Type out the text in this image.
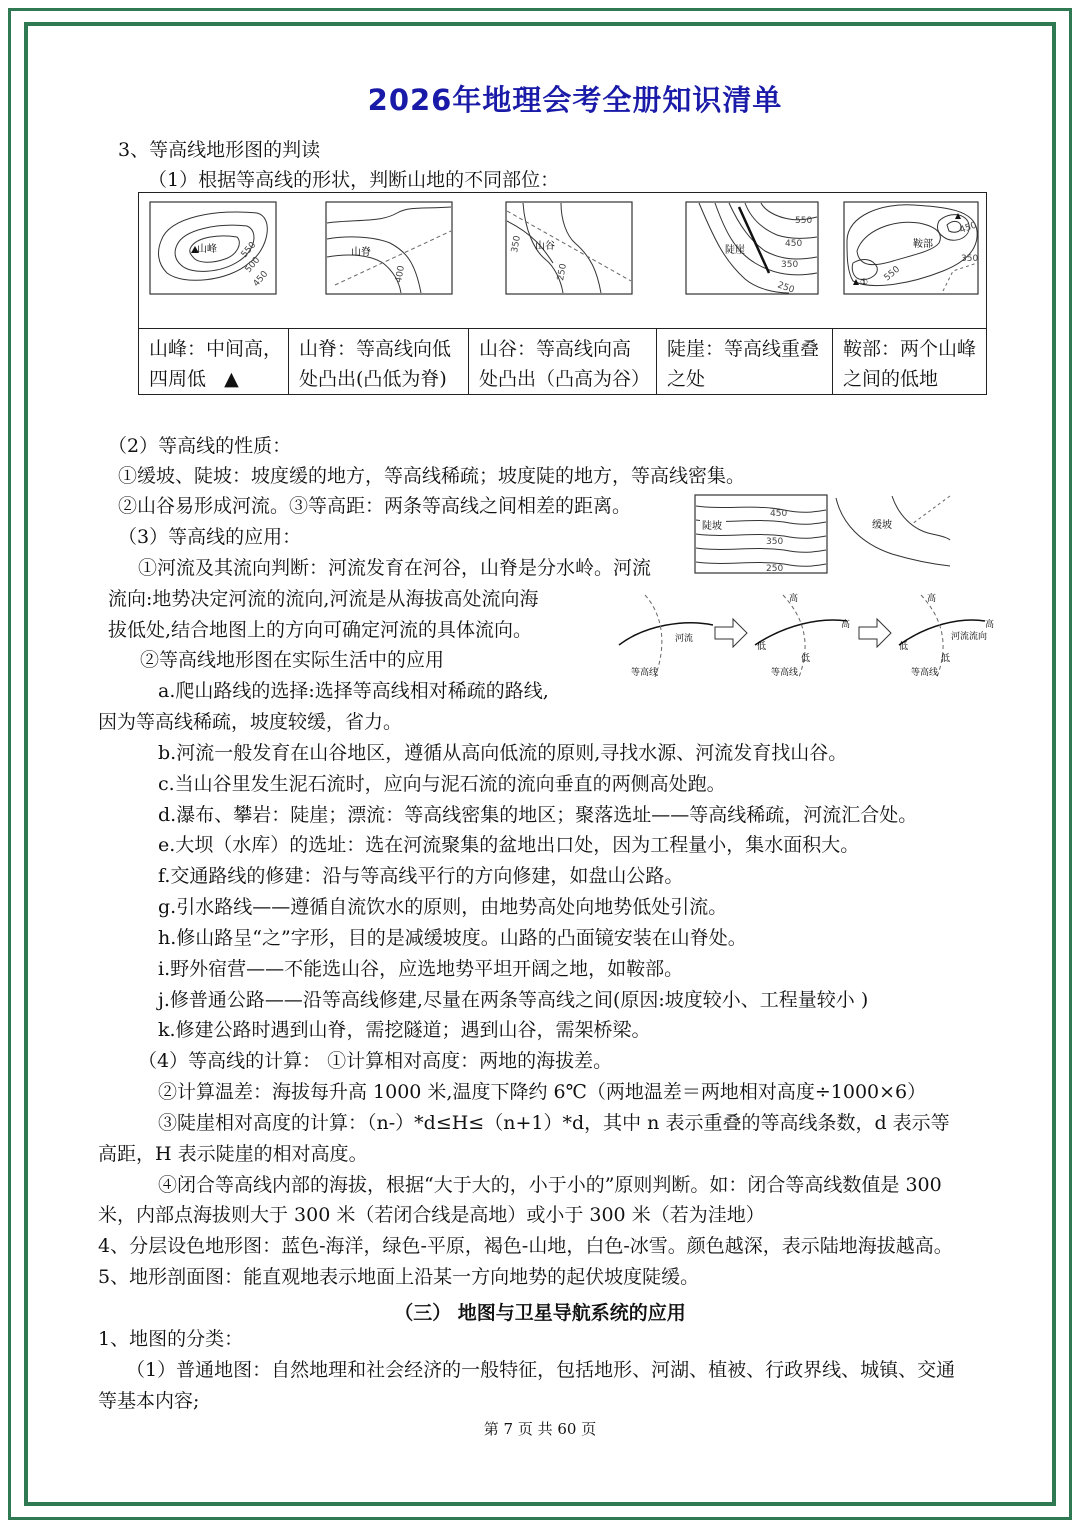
2026年地理会考全册知识清单
3、等高线地形图的判读
（1）根据等高线的形状，判断山地的不同部位：
山峰	550
500
450
山脊
400
山谷
350
250
陡崖
550
450
350
250
鞍部
450
350
550
①
山峰：中间高，
四周低 ▲
山脊：等高线向低
处凸出(凸低为脊)
山谷：等高线向高
处凸出（凸高为谷）
陡崖：等高线重叠
之处
鞍部：两个山峰
之间的低地
陡坡
450
350
250
缓坡
河流
等高线
高
高
低
低
等高线
高
高
低
低
河流流向
等高线
（2）等高线的性质：
①缓坡、陡坡：坡度缓的地方，等高线稀疏；坡度陡的地方，等高线密集。
②山谷易形成河流。③等高距：两条等高线之间相差的距离。
（3）等高线的应用：
①河流及其流向判断：河流发育在河谷，山脊是分水岭。河流
流向:地势决定河流的流向,河流是从海拔高处流向海
拔低处,结合地图上的方向可确定河流的具体流向。
②等高线地形图在实际生活中的应用
a.爬山路线的选择:选择等高线相对稀疏的路线,
因为等高线稀疏，坡度较缓，省力。
b.河流一般发育在山谷地区，遵循从高向低流的原则,寻找水源、河流发育找山谷。
c.当山谷里发生泥石流时，应向与泥石流的流向垂直的两侧高处跑。
d.瀑布、攀岩：陡崖；漂流：等高线密集的地区；聚落选址——等高线稀疏，河流汇合处。
e.大坝（水库）的选址：选在河流聚集的盆地出口处，因为工程量小，集水面积大。
f.交通路线的修建：沿与等高线平行的方向修建，如盘山公路。
g.引水路线——遵循自流饮水的原则，由地势高处向地势低处引流。
h.修山路呈“之”字形，目的是减缓坡度。山路的凸面镜安装在山脊处。
i.野外宿营——不能选山谷，应选地势平坦开阔之地，如鞍部。
j.修普通公路——沿等高线修建,尽量在两条等高线之间(原因:坡度较小、工程量较小 )
k.修建公路时遇到山脊，需挖隧道；遇到山谷，需架桥梁。
（4）等高线的计算： ①计算相对高度：两地的海拔差。
②计算温差：海拔每升高 1000 米,温度下降约 6℃（两地温差＝两地相对高度÷1000×6）
③陡崖相对高度的计算：（n-）*d≤H≤（n+1）*d，其中 n 表示重叠的等高线条数，d 表示等
高距，H 表示陡崖的相对高度。
④闭合等高线内部的海拔，根据“大于大的，小于小的”原则判断。如：闭合等高线数值是 300
米，内部点海拔则大于 300 米（若闭合线是高地）或小于 300 米（若为洼地）
4、分层设色地形图：蓝色-海洋，绿色-平原，褐色-山地，白色-冰雪。颜色越深，表示陆地海拔越高。
5、地形剖面图：能直观地表示地面上沿某一方向地势的起伏坡度陡缓。
（三） 地图与卫星导航系统的应用
1、地图的分类：
（1）普通地图：自然地理和社会经济的一般特征，包括地形、河湖、植被、行政界线、城镇、交通
等基本内容;
第 7 页 共 60 页
